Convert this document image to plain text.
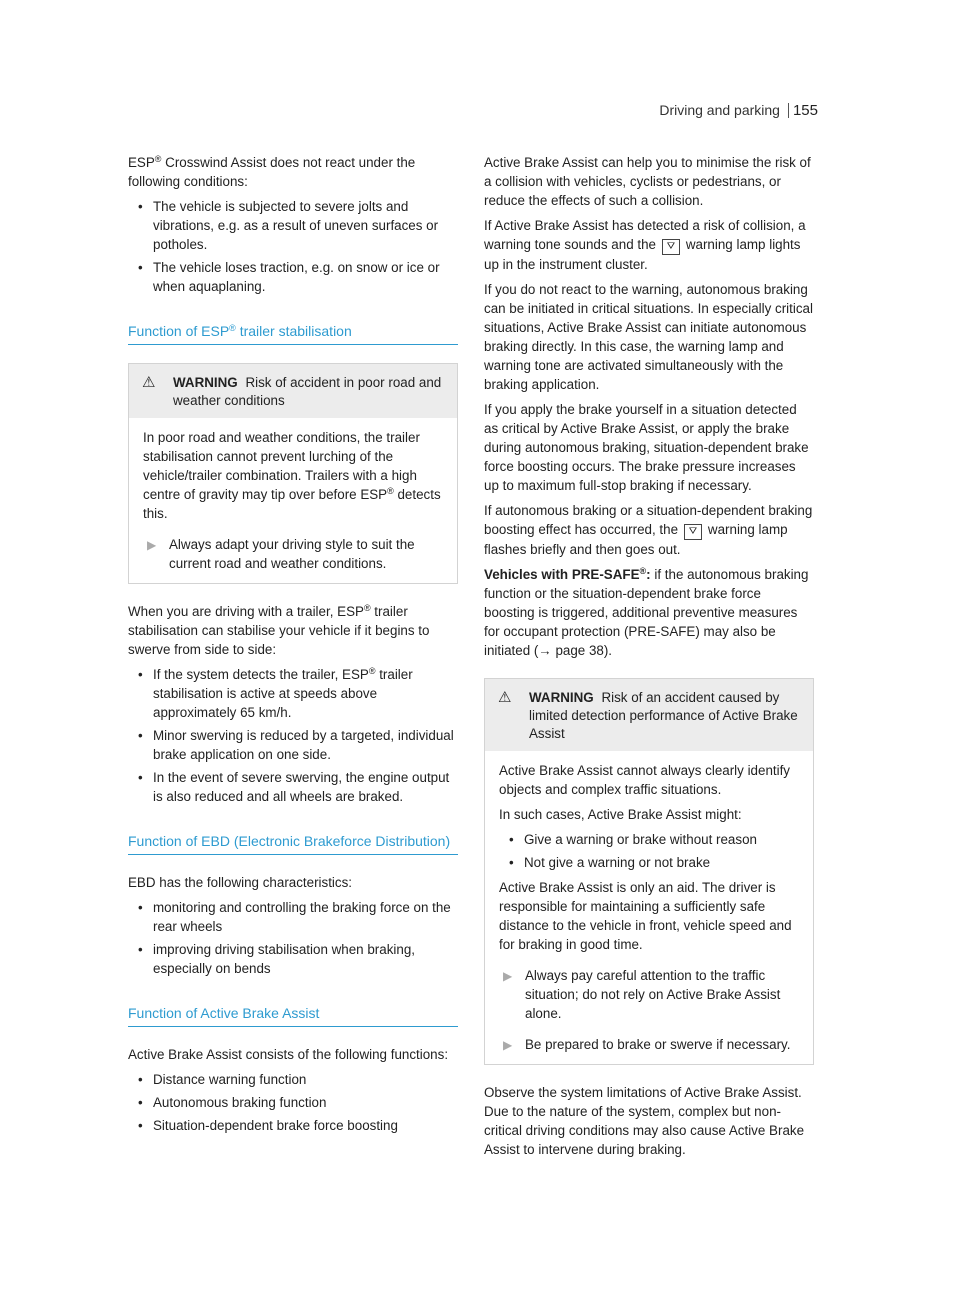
Driving and parking 155

ESP® Crosswind Assist does not react under the following conditions:

• The vehicle is subjected to severe jolts and vibrations, e.g. as a result of uneven surfaces or potholes.
• The vehicle loses traction, e.g. on snow or ice or when aquaplaning.
Function of ESP® trailer stabilisation
⚠ WARNING Risk of accident in poor road and weather conditions

In poor road and weather conditions, the trailer stabilisation cannot prevent lurching of the vehicle/trailer combination. Trailers with a high centre of gravity may tip over before ESP® detects this.

▶ Always adapt your driving style to suit the current road and weather conditions.

When you are driving with a trailer, ESP® trailer stabilisation can stabilise your vehicle if it begins to swerve from side to side:

• If the system detects the trailer, ESP® trailer stabilisation is active at speeds above approximately 65 km/h.
• Minor swerving is reduced by a targeted, individual brake application on one side.
• In the event of severe swerving, the engine output is also reduced and all wheels are braked.
Function of EBD (Electronic Brakeforce Distribution)

EBD has the following characteristics:

• monitoring and controlling the braking force on the rear wheels
• improving driving stabilisation when braking, especially on bends
Function of Active Brake Assist

Active Brake Assist consists of the following functions:

• Distance warning function
• Autonomous braking function
• Situation-dependent brake force boosting

Active Brake Assist can help you to minimise the risk of a collision with vehicles, cyclists or pedestrians, or reduce the effects of such a collision.

If Active Brake Assist has detected a risk of collision, a warning tone sounds and the ⛛ warning lamp lights up in the instrument cluster.

If you do not react to the warning, autonomous braking can be initiated in critical situations. In especially critical situations, Active Brake Assist can initiate autonomous braking directly. In this case, the warning lamp and warning tone are activated simultaneously with the braking application.

If you apply the brake yourself in a situation detected as critical by Active Brake Assist, or apply the brake during autonomous braking, situation-dependent brake force boosting occurs. The brake pressure increases up to maximum full-stop braking if necessary.

If autonomous braking or a situation-dependent braking boosting effect has occurred, the ⛛ warning lamp flashes briefly and then goes out.

Vehicles with PRE-SAFE®: if the autonomous braking function or the situation-dependent brake force boosting is triggered, additional preventive measures for occupant protection (PRE-SAFE) may also be initiated (→ page 38).

⚠ WARNING Risk of an accident caused by limited detection performance of Active Brake Assist

Active Brake Assist cannot always clearly identify objects and complex traffic situations.

In such cases, Active Brake Assist might:

• Give a warning or brake without reason
• Not give a warning or not brake

Active Brake Assist is only an aid. The driver is responsible for maintaining a sufficiently safe distance to the vehicle in front, vehicle speed and for braking in good time.

▶ Always pay careful attention to the traffic situation; do not rely on Active Brake Assist alone.
▶ Be prepared to brake or swerve if necessary.

Observe the system limitations of Active Brake Assist. Due to the nature of the system, complex but non-critical driving conditions may also cause Active Brake Assist to intervene during braking.
